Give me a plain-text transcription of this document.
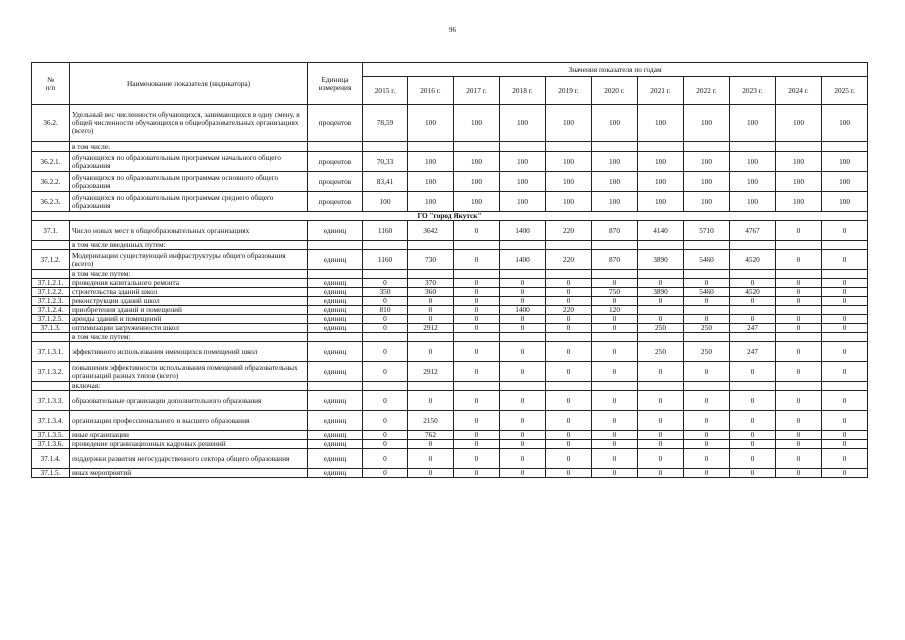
96
№
п/п	Наименование показателя (индикатора)	Единица
измерения	Значения показателя по годам										
			2015 г.	2016 г.	2017 г.	2018 г.	2019 г.	2020 г.	2021 г.	2022 г.	2023 г.	2024 г.	2025 г.
36.2.	Удельный вес численности обучающихся, занимающихся в одну смену, в общей численности обучающихся в общеобразовательных организациях (всего)	процентов	78,59	100	100	100	100	100	100	100	100	100	100
	в том числе:												
36.2.1.	обучающихся по образовательным программам начального общего образования	процентов	70,33	100	100	100	100	100	100	100	100	100	100
36.2.2.	обучающихся по образовательным программам основного общего образования	процентов	83,41	100	100	100	100	100	100	100	100	100	100
36.2.3.	обучающихся по образовательным программам среднего общего образования	процентов	100	100	100	100	100	100	100	100	100	100	100
ГО "город Якутск"													
37.1.	Число новых мест в общеобразовательных организациях	единиц	1160	3642	0	1400	220	870	4140	5710	4767	0	0
	в том числе введенных путем:												
37.1.2.	Модернизации существующей инфраструктуры общего образования (всего)	единиц	1160	730	0	1400	220	870	3890	5460	4520	0	0
	в том числе путем:												
37.1.2.1.	проведения капитального ремонта	единиц	0	370	0	0	0	0	0	0	0	0	0
37.1.2.2.	строительства зданий школ	единиц	350	360	0	0	0	750	3890	5460	4520	0	0
37.1.2.3.	реконструкции зданий школ	единиц	0	0	0	0	0	0	0	0	0	0	0
37.1.2.4.	приобретения зданий и помещений	единиц	810	0	0	1400	220	120					
37.1.2.5.	аренды зданий и помещений	единиц	0	0	0	0	0	0	0	0	0	0	0
37.1.3.	оптимизации загруженности школ	единиц	0	2912	0	0	0	0	250	250	247	0	0
	в том числе путем:												
37.1.3.1.	эффективного использования имеющихся помещений школ	единиц	0	0	0	0	0	0	250	250	247	0	0
37.1.3.2.	повышения эффективности использования помещений образовательных организаций разных типов (всего)	единиц	0	2912	0	0	0	0	0	0	0	0	0
	включая:												
37.1.3.3.	образовательные организации дополнительного образования	единиц	0	0	0	0	0	0	0	0	0	0	0
37.1.3.4.	организации профессионального и высшего образования	единиц	0	2150	0	0	0	0	0	0	0	0	0
37.1.3.5.	иные организации	единиц	0	762	0	0	0	0	0	0	0	0	0
37.1.3.6.	проведение организационных кадровых решений	единиц	0	0	0	0	0	0	0	0	0	0	0
37.1.4.	поддержки развития негосударственного сектора общего образования	единиц	0	0	0	0	0	0	0	0	0	0	0
37.1.5.	иных мероприятий	единиц	0	0	0	0	0	0	0	0	0	0	0
